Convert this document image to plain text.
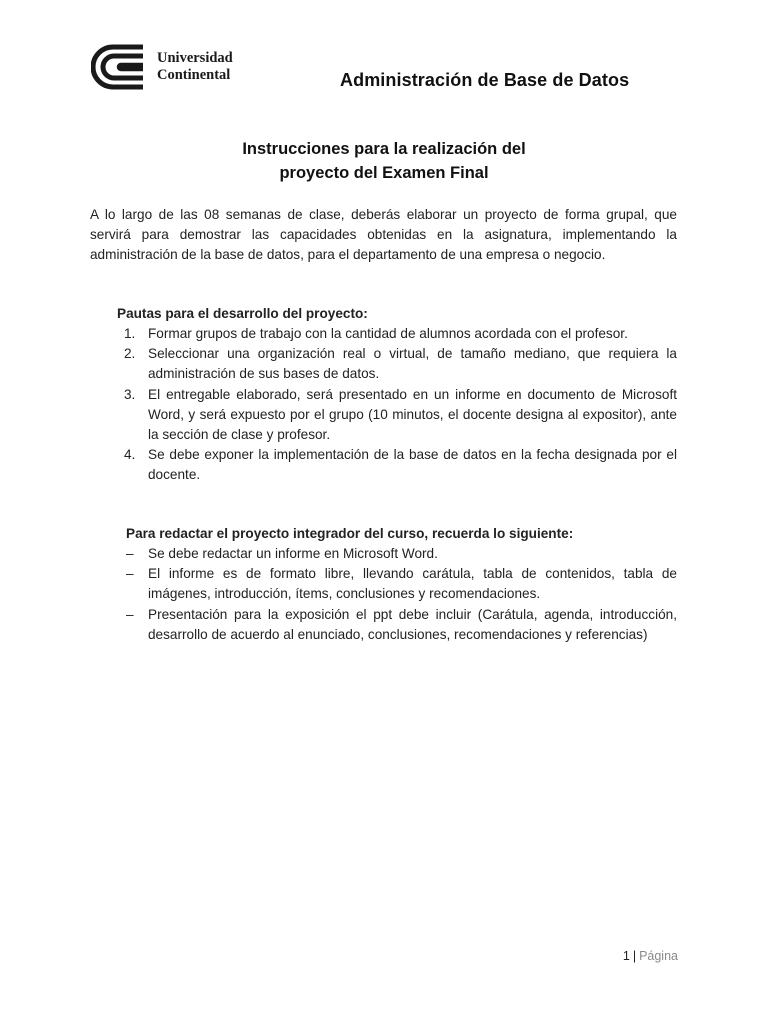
Universidad
Continental	Administración de Base de Datos
Instrucciones para la realización del
proyecto del Examen Final
A lo largo de las 08 semanas de clase, deberás elaborar un proyecto de forma grupal, que servirá para demostrar las capacidades obtenidas en la asignatura, implementando la administración de la base de datos, para el departamento de una empresa o negocio.
Pautas para el desarrollo del proyecto:
1. Formar grupos de trabajo con la cantidad de alumnos acordada con el profesor.
2. Seleccionar una organización real o virtual, de tamaño mediano, que requiera la administración de sus bases de datos.
3. El entregable elaborado, será presentado en un informe en documento de Microsoft Word, y será expuesto por el grupo (10 minutos, el docente designa al expositor), ante la sección de clase y profesor.
4. Se debe exponer la implementación de la base de datos en la fecha designada por el docente.
Para redactar el proyecto integrador del curso, recuerda lo siguiente:
– Se debe redactar un informe en Microsoft Word.
– El informe es de formato libre, llevando carátula, tabla de contenidos, tabla de imágenes, introducción, ítems, conclusiones y recomendaciones.
– Presentación para la exposición el ppt debe incluir (Carátula, agenda, introducción, desarrollo de acuerdo al enunciado, conclusiones, recomendaciones y referencias)
1 | Página
